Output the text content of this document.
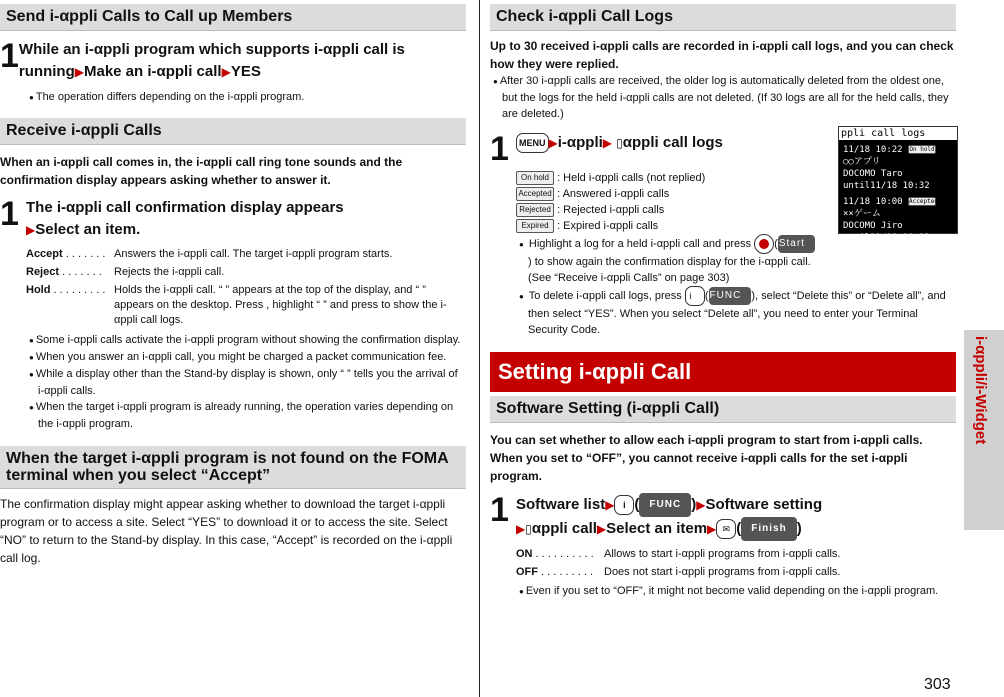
Send i-αppli Calls to Call up Members
1 While an i-αppli program which supports i-αppli call is running▶Make an i-αppli call▶YES
● The operation differs depending on the i-αppli program.
Receive i-αppli Calls
When an i-αppli call comes in, the i-αppli call ring tone sounds and the confirmation display appears asking whether to answer it.
1 The i-αppli call confirmation display appears
▶Select an item.
Accept . . . . . . . Answers the i-αppli call. The target i-αppli program starts.
Reject . . . . . . .	Rejects the i-αppli call.
Hold . . . . . . . . . Holds the i-αppli call. “ ” appears at the top of the display, and “ ” appears on the desktop. Press , highlight “ ” and press to show the i-αppli call logs.
● Some i-αppli calls activate the i-αppli program without showing the confirmation display.
● When you answer an i-αppli call, you might be charged a packet communication fee.
● While a display other than the Stand-by display is shown, only “ ” tells you the arrival of i-αppli calls.
● When the target i-αppli program is already running, the operation varies depending on the i-αppli program.
When the target i-αppli program is not found on the FOMA terminal when you select “Accept”
The confirmation display might appear asking whether to download the target i-αppli program or to access a site. Select “YES” to download it or to access the site. Select “NO” to return to the Stand-by display. In this case, “Accept” is recorded on the i-αppli call log.
Check i-αppli Call Logs
Up to 30 received i-αppli calls are recorded in i-αppli call logs, and you can check how they were replied.
● After 30 i-αppli calls are received, the older log is automatically deleted from the oldest one, but the logs for the held i-αppli calls are not deleted. (If 30 logs are all for the held calls, they are deleted.)
1	MENU ▶i-αppli▶ ▯αppli call logs
On hold : Held i-αppli calls (not replied)
Accepted : Answered i-αppli calls
Rejected : Rejected i-αppli calls
Expired : Expired i-αppli calls
● Highlight a log for a held i-αppli call and press (Start) to show again the confirmation display for the i-αppli call. (See “Receive i-αppli Calls” on page 303)
● To delete i-αppli call logs, press i (FUNC ), select “Delete this” or “Delete all”, and then select “YES”. When you select “Delete all”, you need to enter your Terminal Security Code.
ppli call logs
11/18 10:22 On hold
○○アプリ
DOCOMO Taro
until11/18 10:32
11/18 10:00 Accepted
××ゲーム
DOCOMO Jiro
until11/18 10:02
Setting i-αppli Call
Software Setting (i-αppli Call)
You can set whether to allow each i-αppli program to start from i-αppli calls. When you set to “OFF”, you cannot receive i-αppli calls for the set i-αppli program.
1 Software list▶ i ( FUNC )▶Software setting
▶▯αppli call▶Select an item▶ ✉ ( Finish )
ON . . . . . . . . . . Allows to start i-αppli programs from i-αppli calls.
OFF . . . . . . . . . Does not start i-αppli programs from i-αppli calls.
● Even if you set to “OFF”, it might not become valid depending on the i-αppli program.
i-αppli/i-Widget
303
